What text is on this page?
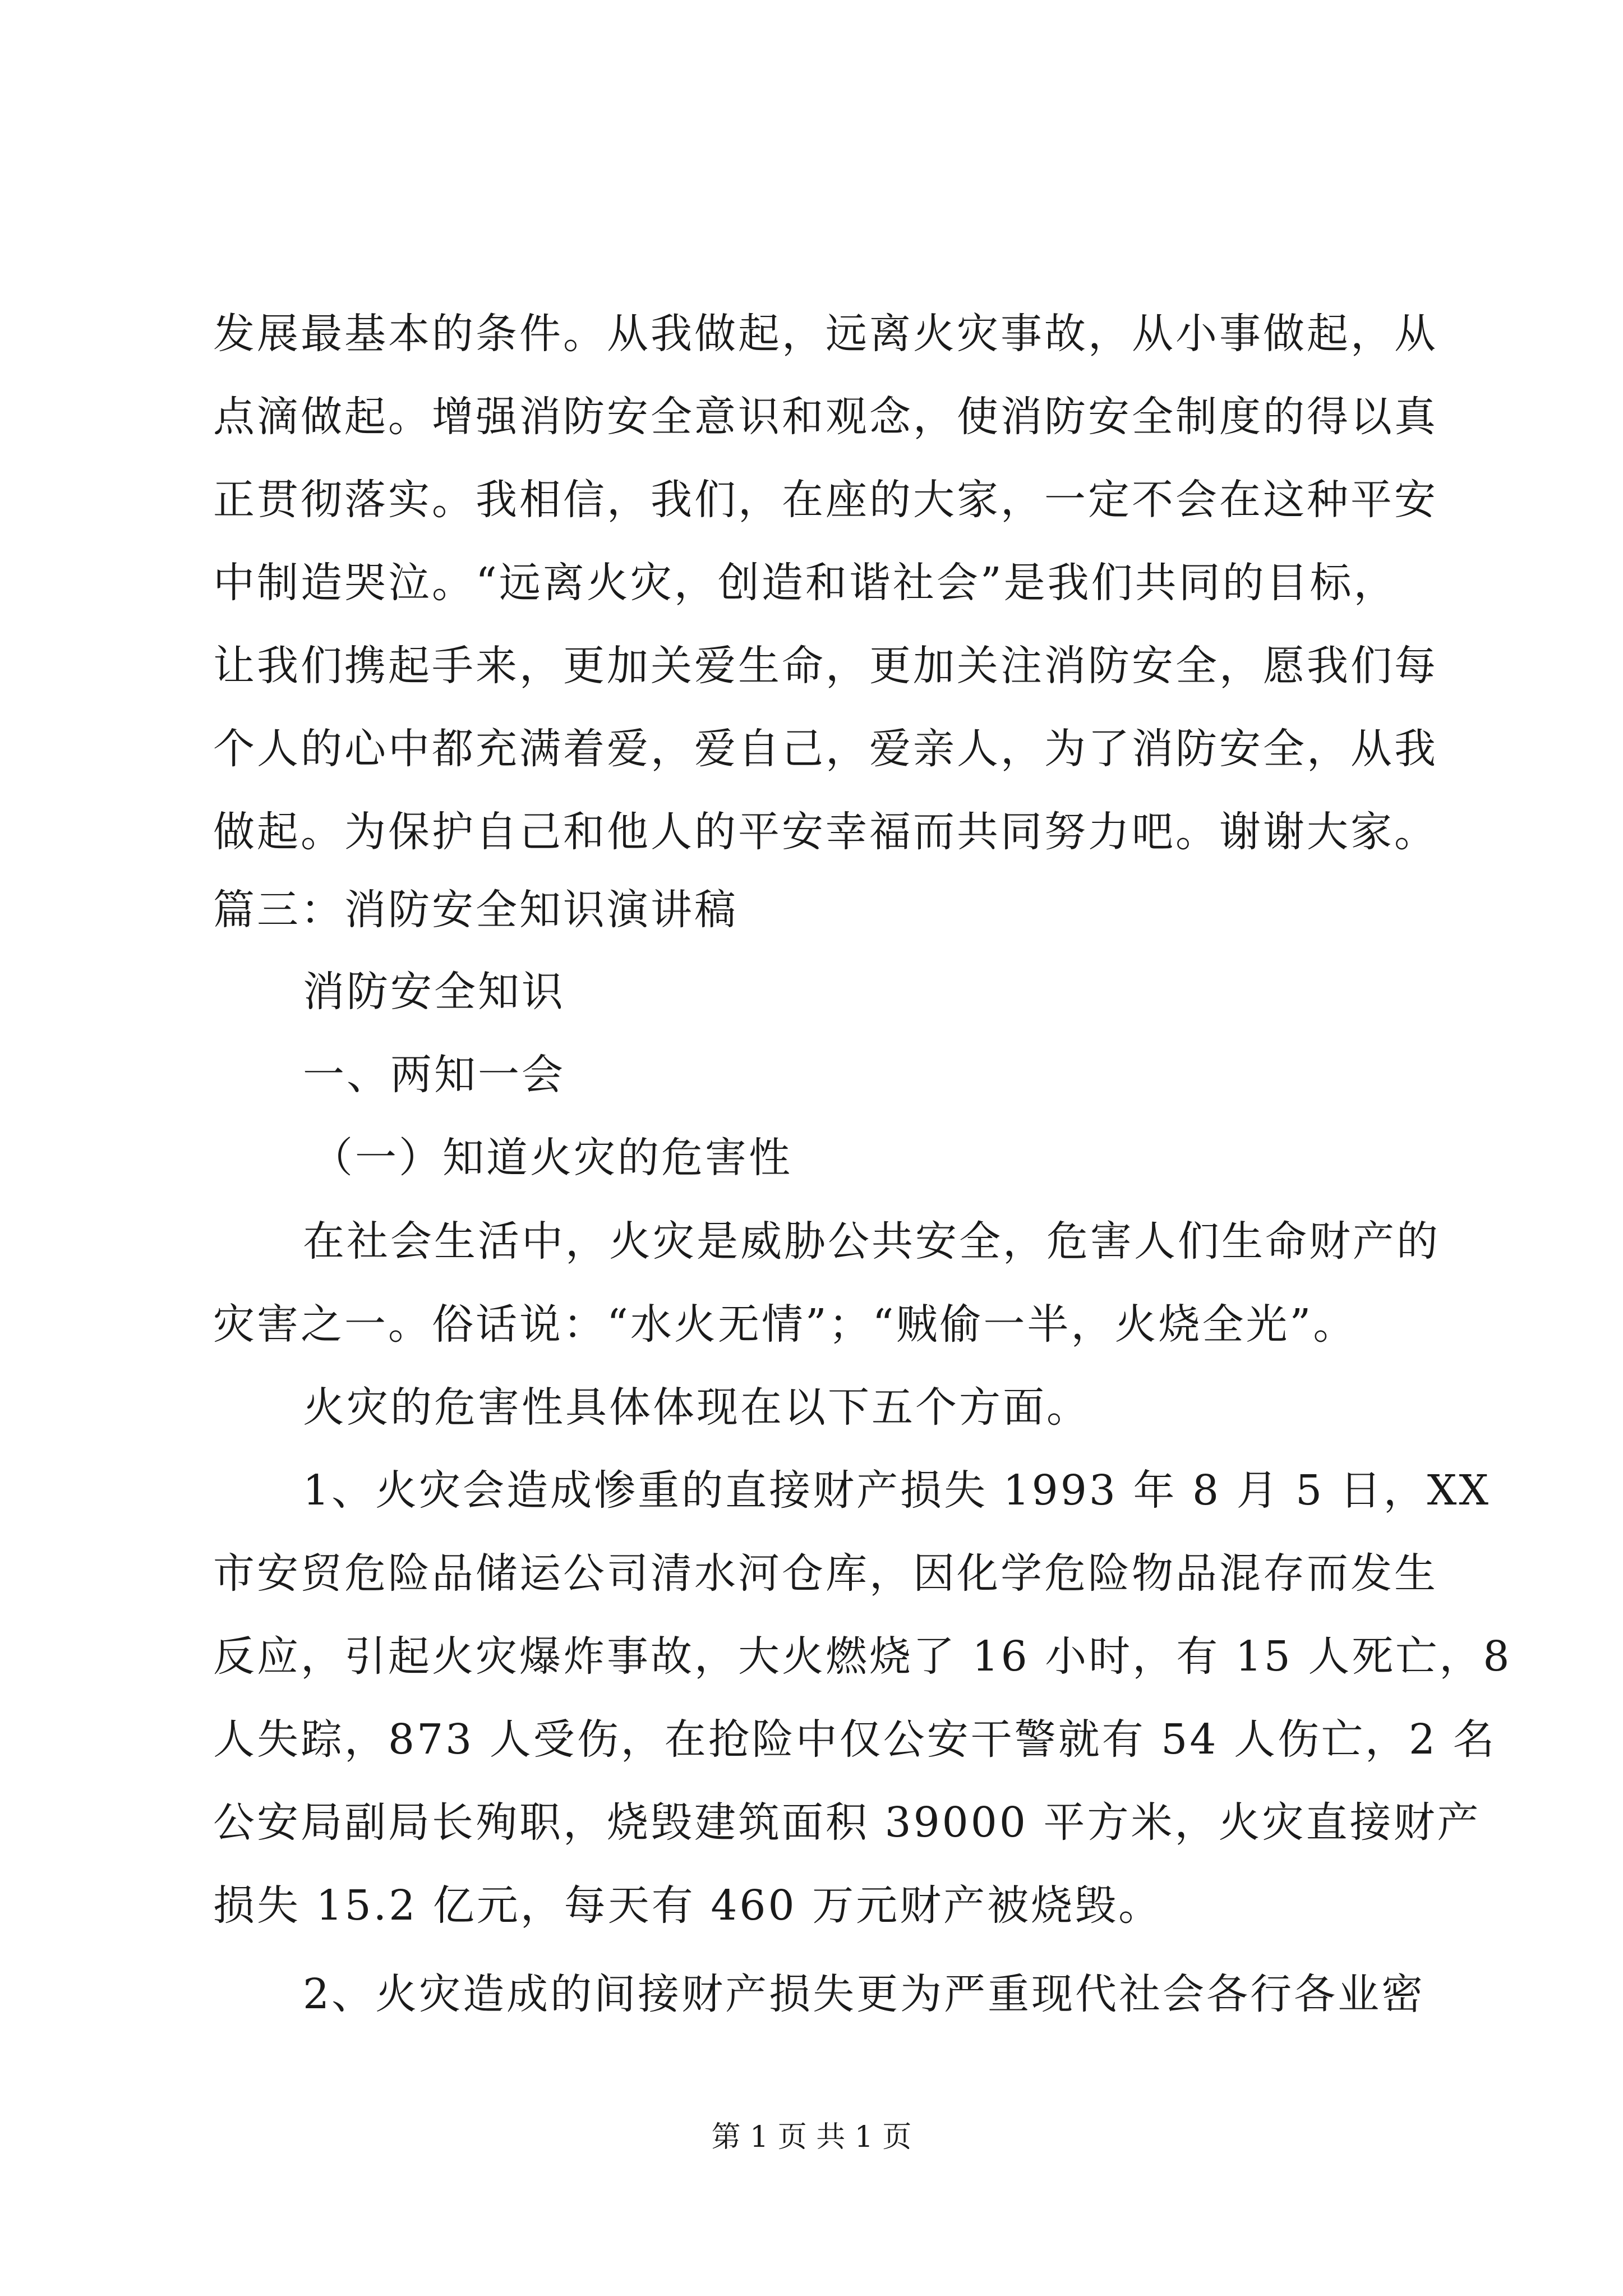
发展最基本的条件。从我做起，远离火灾事故，从小事做起，从
点滴做起。增强消防安全意识和观念，使消防安全制度的得以真
正贯彻落实。我相信，我们，在座的大家，一定不会在这种平安
中制造哭泣。“远离火灾，创造和谐社会”是我们共同的目标，
让我们携起手来，更加关爱生命，更加关注消防安全，愿我们每
个人的心中都充满着爱，爱自己，爱亲人，为了消防安全，从我
做起。为保护自己和他人的平安幸福而共同努力吧。谢谢大家。
篇三：消防安全知识演讲稿
消防安全知识
一、两知一会
（一）知道火灾的危害性
在社会生活中，火灾是威胁公共安全，危害人们生命财产的
灾害之一。俗话说：“水火无情”；“贼偷一半，火烧全光”。
火灾的危害性具体体现在以下五个方面。
1、火灾会造成惨重的直接财产损失 1993 年 8 月 5 日，XX
市安贸危险品储运公司清水河仓库，因化学危险物品混存而发生
反应，引起火灾爆炸事故，大火燃烧了 16 小时，有 15 人死亡，8
人失踪，873 人受伤，在抢险中仅公安干警就有 54 人伤亡，2 名
公安局副局长殉职，烧毁建筑面积 39000 平方米，火灾直接财产
损失 15.2 亿元，每天有 460 万元财产被烧毁。
2、火灾造成的间接财产损失更为严重现代社会各行各业密
第 1 页 共 1 页
